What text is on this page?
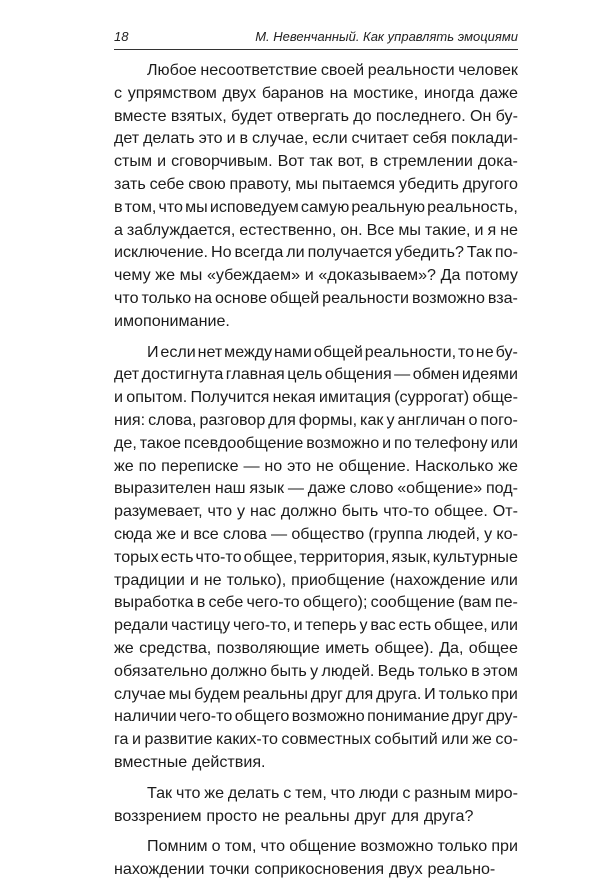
18	М. Невенчанный. Как управлять эмоциями
Любое несоответствие своей реальности человек
с упрямством двух баранов на мостике, иногда даже
вместе взятых, будет отвергать до последнего. Он бу-
дет делать это и в случае, если считает себя поклади-
стым и сговорчивым. Вот так вот, в стремлении дока-
зать себе свою правоту, мы пытаемся убедить другого
в том, что мы исповедуем самую реальную реальность,
а заблуждается, естественно, он. Все мы такие, и я не
исключение. Но всегда ли получается убедить? Так по-
чему же мы «убеждаем» и «доказываем»? Да потому
что только на основе общей реальности возможно вза-
имопонимание.
И если нет между нами общей реальности, то не бу-
дет достигнута главная цель общения — обмен идеями
и опытом. Получится некая имитация (суррогат) обще-
ния: слова, разговор для формы, как у англичан о пого-
де, такое псевдообщение возможно и по телефону или
же по переписке — но это не общение. Насколько же
выразителен наш язык — даже слово «общение» под-
разумевает, что у нас должно быть что-то общее. От-
сюда же и все слова — общество (группа людей, у ко-
торых есть что-то общее, территория, язык, культурные
традиции и не только), приобщение (нахождение или
выработка в себе чего-то общего); сообщение (вам пе-
редали частицу чего-то, и теперь у вас есть общее, или
же средства, позволяющие иметь общее). Да, общее
обязательно должно быть у людей. Ведь только в этом
случае мы будем реальны друг для друга. И только при
наличии чего-то общего возможно понимание друг дру-
га и развитие каких-то совместных событий или же со-
вместные действия.
Так что же делать с тем, что люди с разным миро-
воззрением просто не реальны друг для друга?
Помним о том, что общение возможно только при
нахождении точки соприкосновения двух реально-
